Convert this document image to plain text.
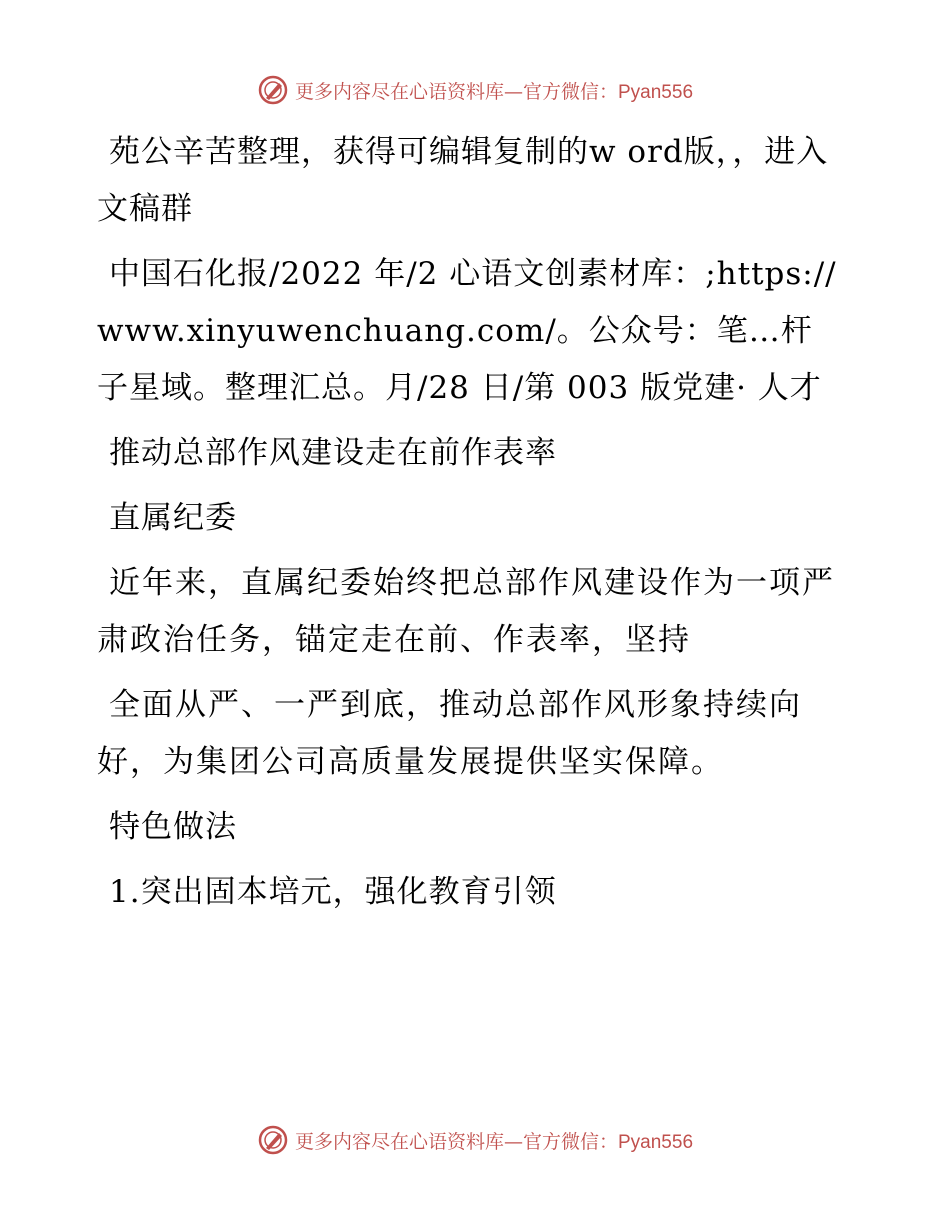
更多内容尽在心语资料库— 官方微信：Pyan556

苑公辛苦整理，获得可编辑复制的w ord版，，进入文稿群

中国石化报/2022 年/2 心语文创素材库：;https://www.xinyuwenchuang.com/。公众号：笔…杆子星域。整理汇总。月/28 日/第 003 版党建· 人才

推动总部作风建设走在前作表率

直属纪委

近年来，直属纪委始终把总部作风建设作为一项严肃政治任务，锚定走在前、作表率，坚持

全面从严、一严到底，推动总部作风形象持续向好，为集团公司高质量发展提供坚实保障。

特色做法

1.突出固本培元，强化教育引领

更多内容尽在心语资料库— 官方微信：Pyan556
